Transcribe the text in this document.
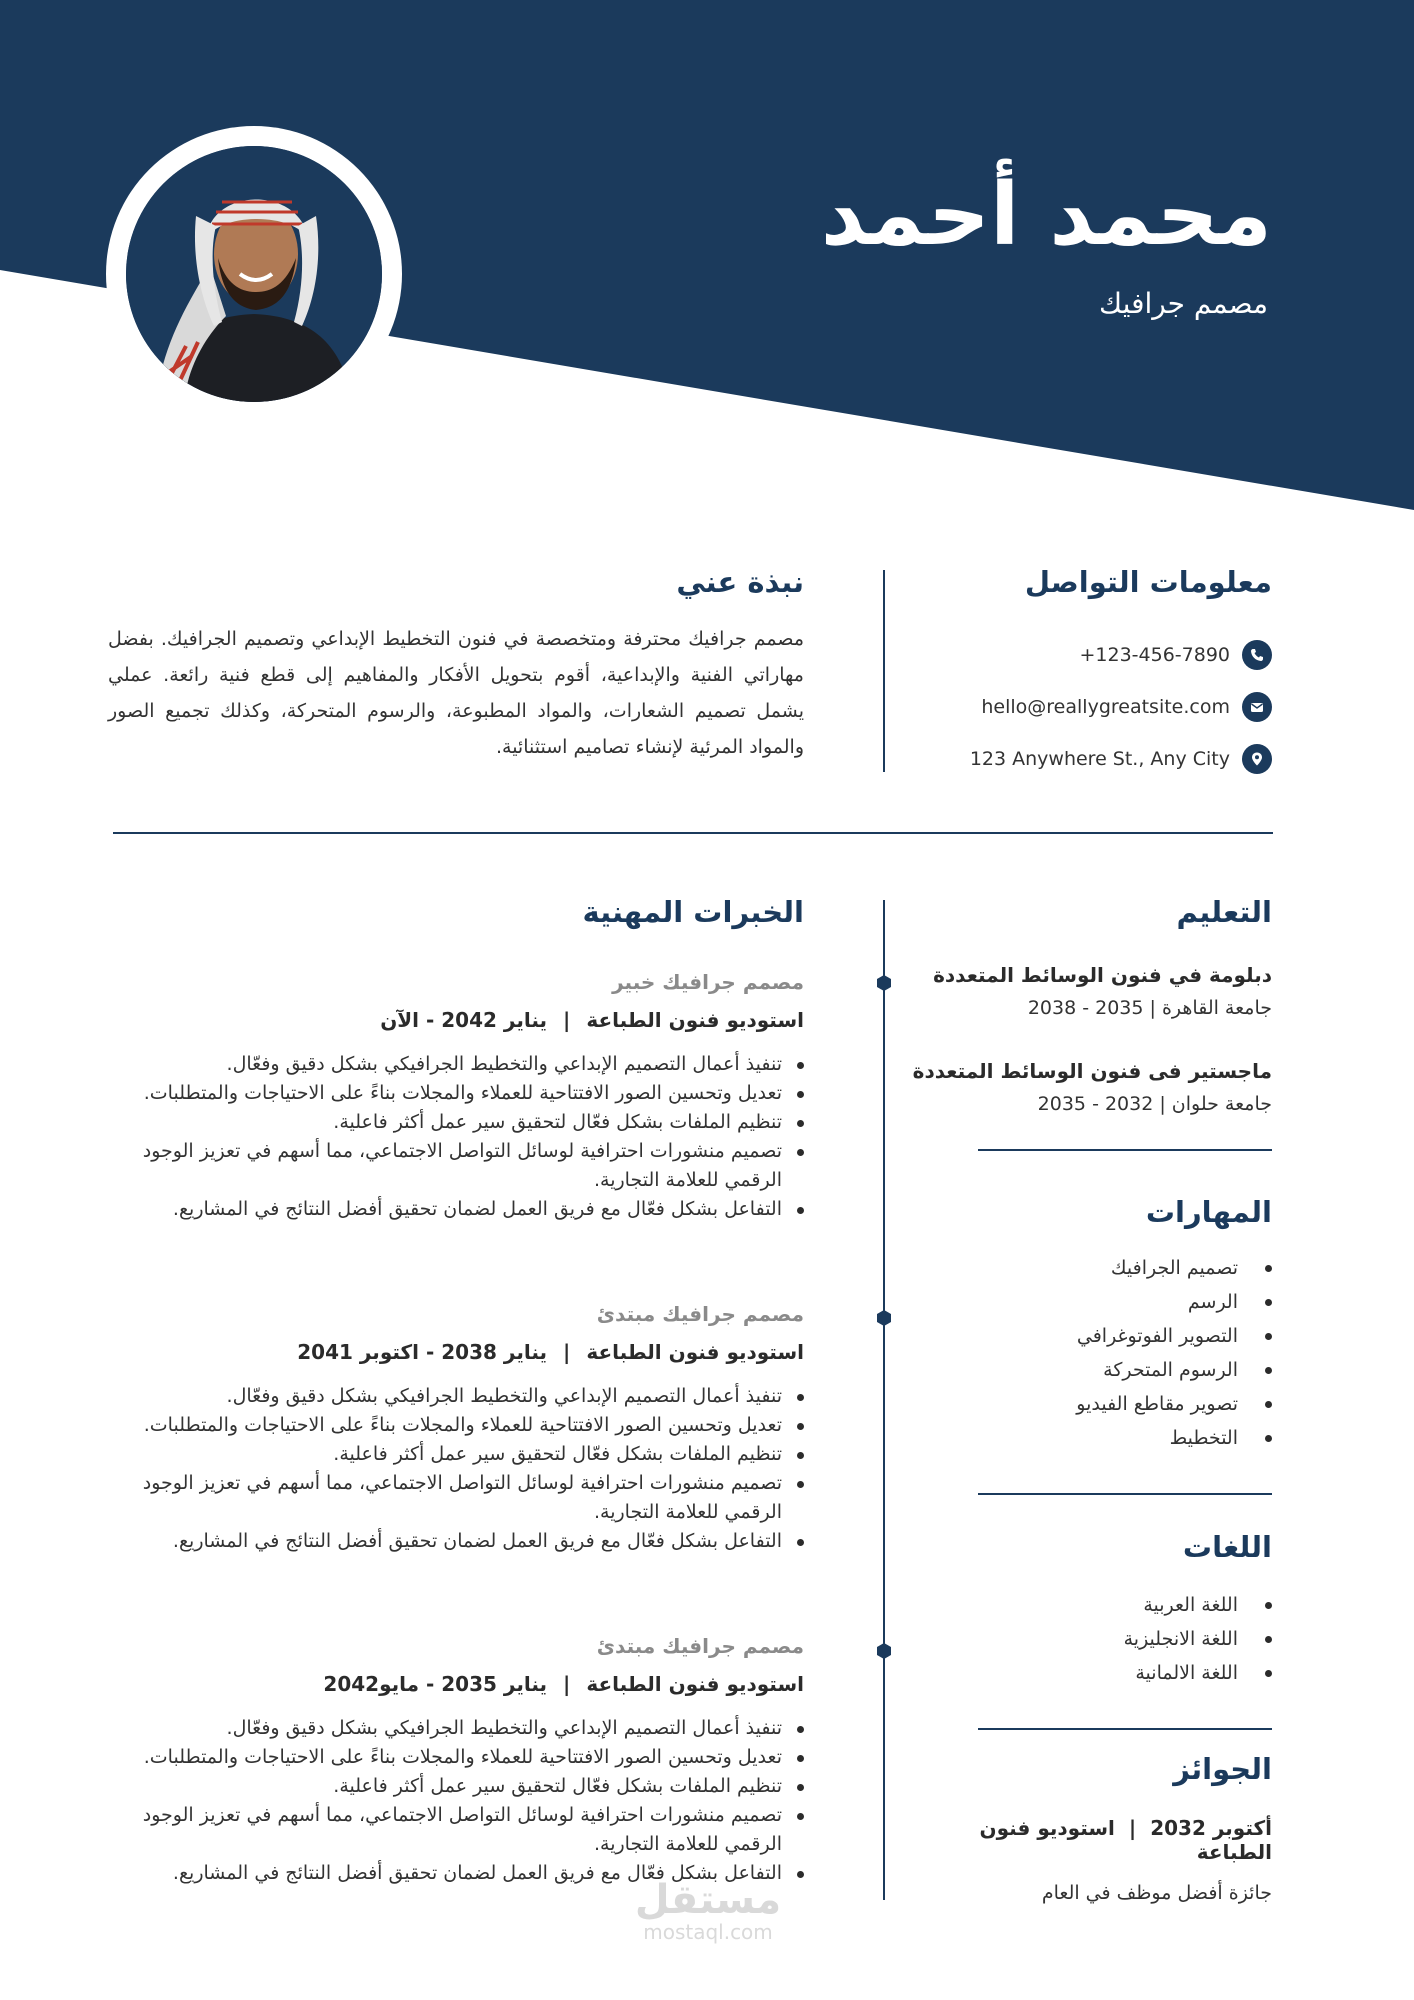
محمد أحمد
مصمم جرافيك
معلومات التواصل
+123-456-7890
hello@reallygreatsite.com
123 Anywhere St., Any City
نبذة عني

مصمم جرافيك محترفة ومتخصصة في فنون التخطيط الإبداعي وتصميم الجرافيك. بفضل مهاراتي الفنية والإبداعية، أقوم بتحويل الأفكار والمفاهيم إلى قطع فنية رائعة. عملي يشمل تصميم الشعارات، والمواد المطبوعة، والرسوم المتحركة، وكذلك تجميع الصور والمواد المرئية لإنشاء تصاميم استثنائية.

التعليم
دبلومة في فنون الوسائط المتعددة
جامعة القاهرة | 2035 - 2038
ماجستير فى فنون الوسائط المتعددة
جامعة حلوان | 2032 - 2035
المهارات
تصميم الجرافيك
الرسم
التصوير الفوتوغرافي
الرسوم المتحركة
تصوير مقاطع الفيديو
التخطيط
اللغات
اللغة العربية
اللغة الانجليزية
اللغة الالمانية
الجوائز
أكتوبر 2032|استوديو فنون الطباعة
جائزة أفضل موظف في العام
الخبرات المهنية
مصمم جرافيك خبير
استوديو فنون الطباعة|يناير 2042 - الآن
تنفيذ أعمال التصميم الإبداعي والتخطيط الجرافيكي بشكل دقيق وفعّال.
تعديل وتحسين الصور الافتتاحية للعملاء والمجلات بناءً على الاحتياجات والمتطلبات.
تنظيم الملفات بشكل فعّال لتحقيق سير عمل أكثر فاعلية.
تصميم منشورات احترافية لوسائل التواصل الاجتماعي، مما أسهم في تعزيز الوجود الرقمي للعلامة التجارية.
التفاعل بشكل فعّال مع فريق العمل لضمان تحقيق أفضل النتائج في المشاريع.
مصمم جرافيك مبتدئ
استوديو فنون الطباعة|يناير 2038 - اكتوبر 2041
تنفيذ أعمال التصميم الإبداعي والتخطيط الجرافيكي بشكل دقيق وفعّال.
تعديل وتحسين الصور الافتتاحية للعملاء والمجلات بناءً على الاحتياجات والمتطلبات.
تنظيم الملفات بشكل فعّال لتحقيق سير عمل أكثر فاعلية.
تصميم منشورات احترافية لوسائل التواصل الاجتماعي، مما أسهم في تعزيز الوجود الرقمي للعلامة التجارية.
التفاعل بشكل فعّال مع فريق العمل لضمان تحقيق أفضل النتائج في المشاريع.
مصمم جرافيك مبتدئ
استوديو فنون الطباعة|يناير 2035 - مايو2042
تنفيذ أعمال التصميم الإبداعي والتخطيط الجرافيكي بشكل دقيق وفعّال.
تعديل وتحسين الصور الافتتاحية للعملاء والمجلات بناءً على الاحتياجات والمتطلبات.
تنظيم الملفات بشكل فعّال لتحقيق سير عمل أكثر فاعلية.
تصميم منشورات احترافية لوسائل التواصل الاجتماعي، مما أسهم في تعزيز الوجود الرقمي للعلامة التجارية.
التفاعل بشكل فعّال مع فريق العمل لضمان تحقيق أفضل النتائج في المشاريع.
مستقل
mostaql.com
